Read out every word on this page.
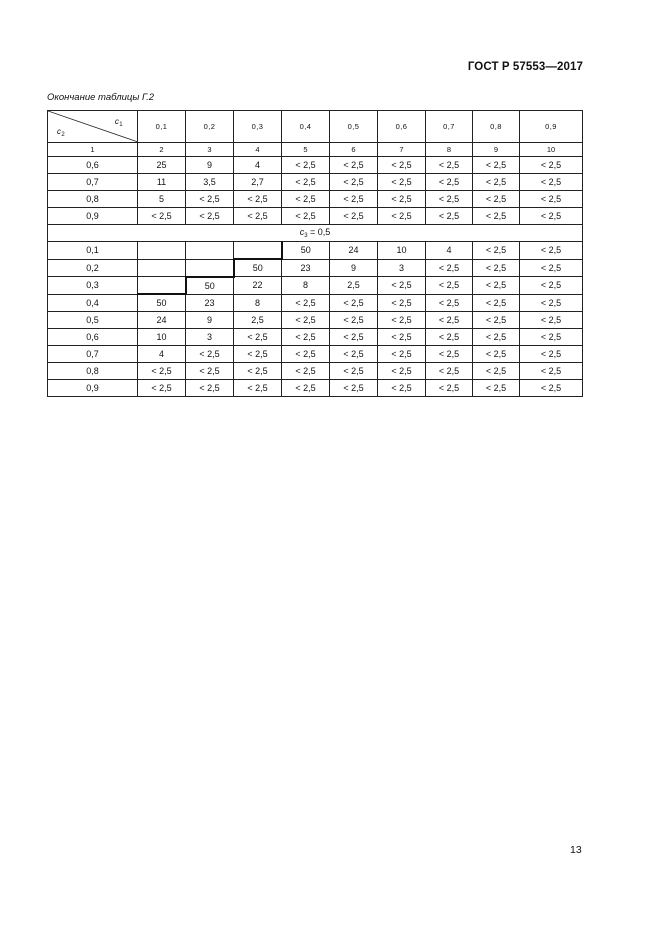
ГОСТ Р 57553—2017
Окончание таблицы Г.2
$с_1$
$с_2$	0,1	0,2	0,3	0,4	0,5	0,6	0,7	0,8	0,9
1	2	3	4	5	6	7	8	9	10
0,6	25	9	4	< 2,5	< 2,5	< 2,5	< 2,5	< 2,5	< 2,5
0,7	11	3,5	2,7	< 2,5	< 2,5	< 2,5	< 2,5	< 2,5	< 2,5
0,8	5	< 2,5	< 2,5	< 2,5	< 2,5	< 2,5	< 2,5	< 2,5	< 2,5
0,9	< 2,5	< 2,5	< 2,5	< 2,5	< 2,5	< 2,5	< 2,5	< 2,5	< 2,5
$с_3 = 0,5$									
0,1				50	24	10	4	< 2,5	< 2,5
0,2			50	23	9	3	< 2,5	< 2,5	< 2,5
0,3		50	22	8	2,5	< 2,5	< 2,5	< 2,5	< 2,5
0,4	50	23	8	< 2,5	< 2,5	< 2,5	< 2,5	< 2,5	< 2,5
0,5	24	9	2,5	< 2,5	< 2,5	< 2,5	< 2,5	< 2,5	< 2,5
0,6	10	3	< 2,5	< 2,5	< 2,5	< 2,5	< 2,5	< 2,5	< 2,5
0,7	4	< 2,5	< 2,5	< 2,5	< 2,5	< 2,5	< 2,5	< 2,5	< 2,5
0,8	< 2,5	< 2,5	< 2,5	< 2,5	< 2,5	< 2,5	< 2,5	< 2,5	< 2,5
0,9	< 2,5	< 2,5	< 2,5	< 2,5	< 2,5	< 2,5	< 2,5	< 2,5	< 2,5
13
